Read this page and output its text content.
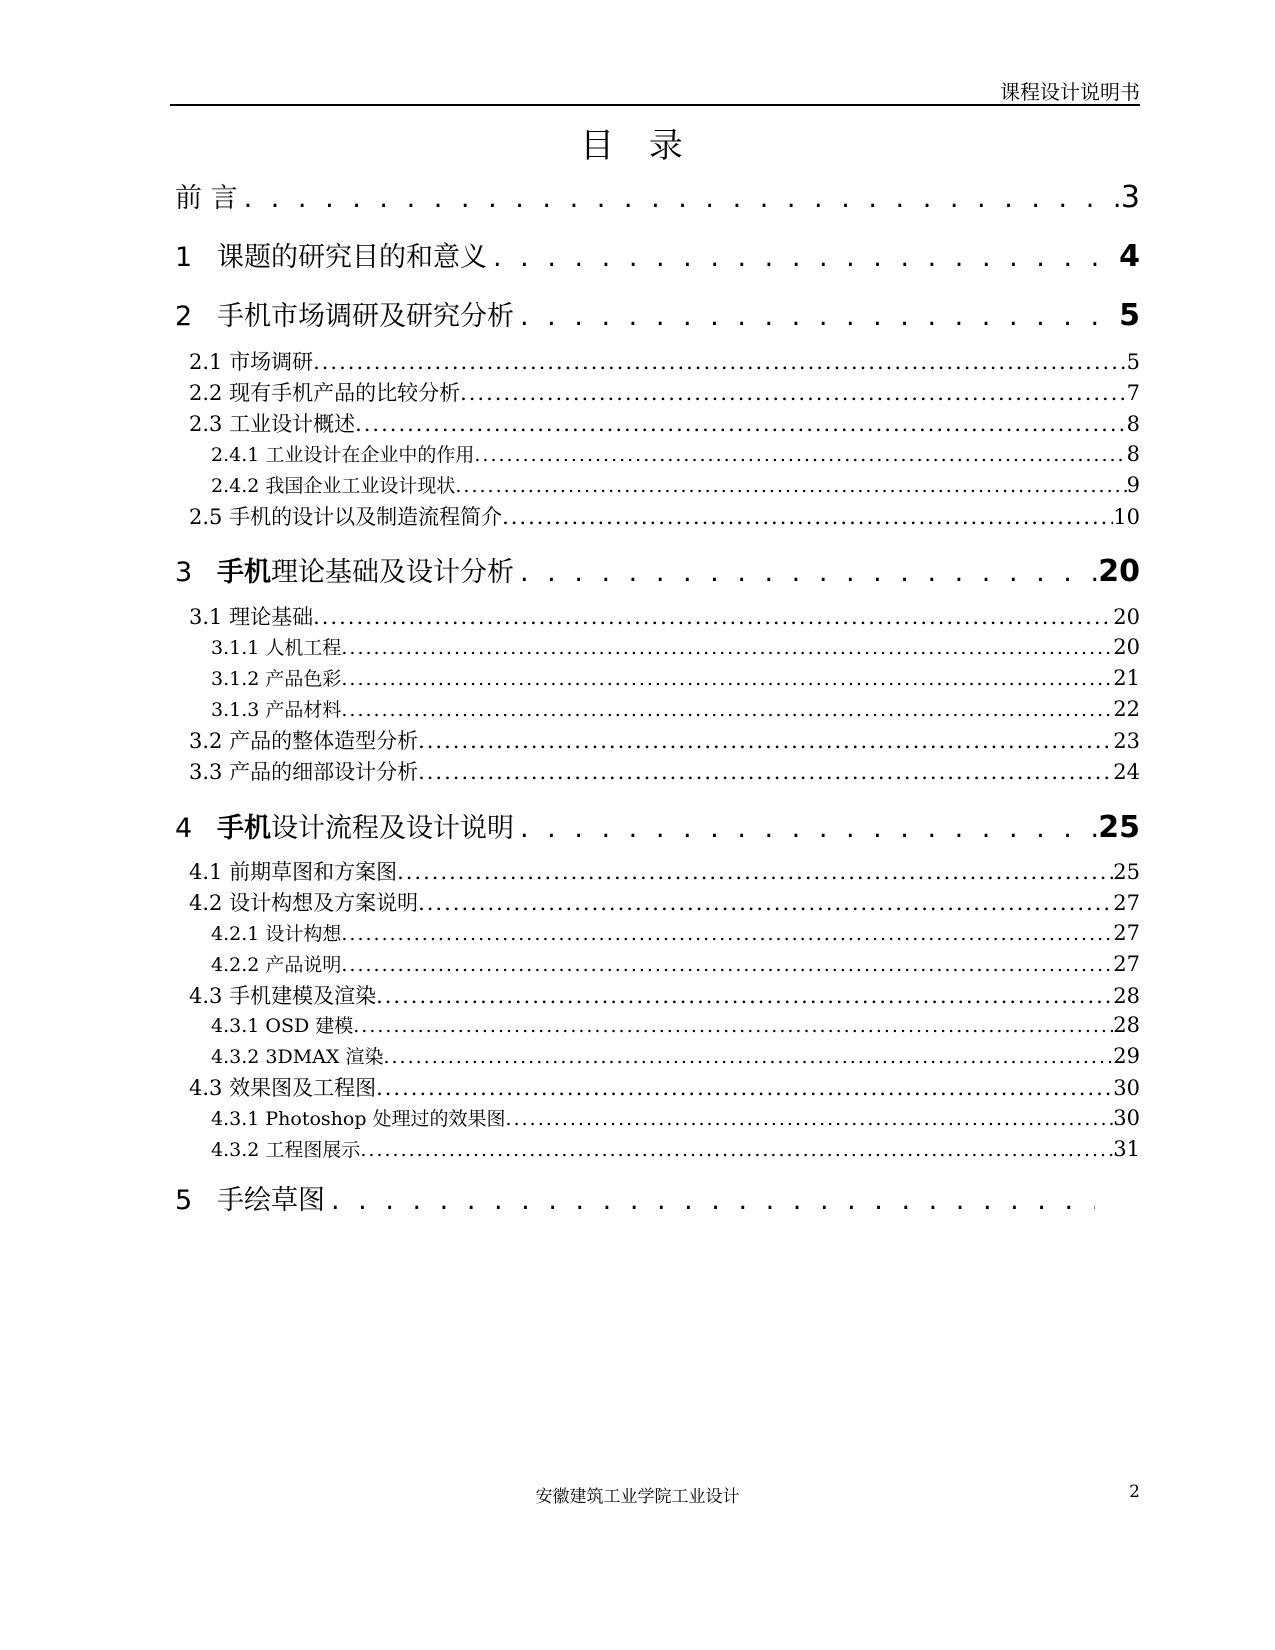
课程设计说明书
目 录
前 言 . . .	3
1 课题的研究目的和意义 . . .	4
2 手机市场调研及研究分析 . . .	5
2.1 市场调研 .....	5
2.2 现有手机产品的比较分析 .....	7
2.3 工业设计概述 .....	8
2.4.1 工业设计在企业中的作用 .....	8
2.4.2 我国企业工业设计现状 .....	9
2.5 手机的设计以及制造流程简介 .....	10
3 手机理论基础及设计分析 . . .	20
3.1 理论基础 .....	20
3.1.1 人机工程 .....	20
3.1.2 产品色彩 .....	21
3.1.3 产品材料 .....	22
3.2 产品的整体造型分析 .....	23
3.3 产品的细部设计分析 .....	24
4 手机设计流程及设计说明 . . .	25
4.1 前期草图和方案图 .....	25
4.2 设计构想及方案说明 .....	27
4.2.1 设计构想 .....	27
4.2.2 产品说明 .....	27
4.3 手机建模及渲染 .....	28
4.3.1 OSD 建模 .....	28
4.3.2 3DMAX 渲染 .....	29
4.3 效果图及工程图 .....	30
4.3.1 Photoshop 处理过的效果图 .....	30
4.3.2 工程图展示 .....	31
5 手绘草图
. . .
安徽建筑工业学院工业设计	2
